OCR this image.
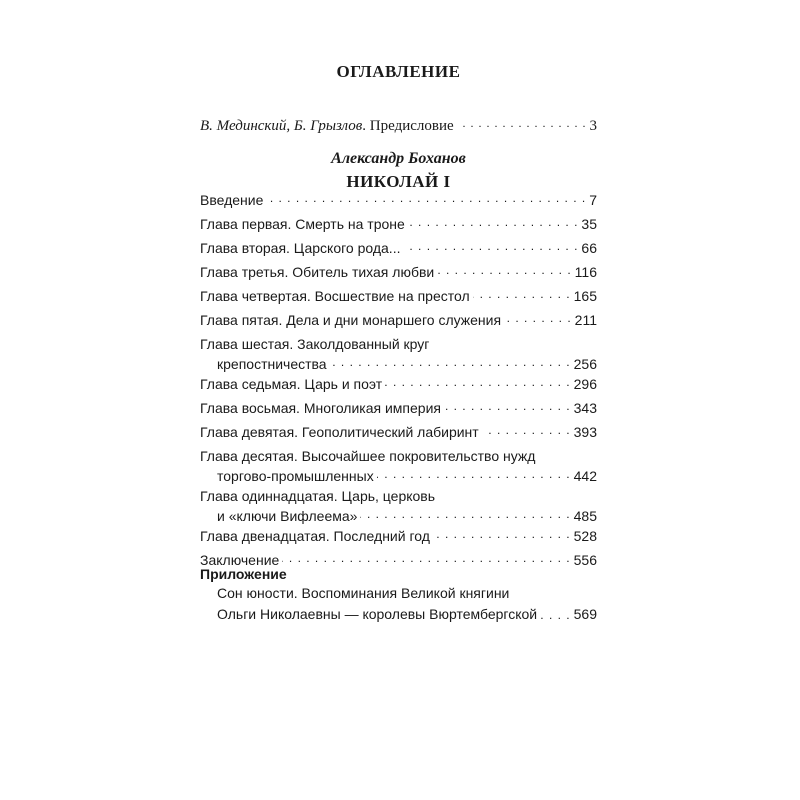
ОГЛАВЛЕНИЕ
В. Мединский, Б. Грызлов . Предисловие . . .	3
Александр Боханов
НИКОЛАЙ I
Введение . . .	7
Глава первая. Смерть на троне . . .	35
Глава вторая. Царского рода... . . .	66
Глава третья. Обитель тихая любви . . .	116
Глава четвертая. Восшествие на престол . . .	165
Глава пятая. Дела и дни монаршего служения . . .	211
Глава шестая. Заколдованный круг
крепостничества . . .	256
Глава седьмая. Царь и поэт . . .	296
Глава восьмая. Многоликая империя . . .	343
Глава девятая. Геополитический лабиринт . . .	393
Глава десятая. Высочайшее покровительство нужд
торгово-промышленных . . .	442
Глава одиннадцатая. Царь, церковь
и «ключи Вифлеема» . . .	485
Глава двенадцатая. Последний год . . .	528
Заключение . . .	556
Приложение
Сон юности. Воспоминания Великой княгини
Ольги Николаевны — королевы Вюртембергской . . .	569
